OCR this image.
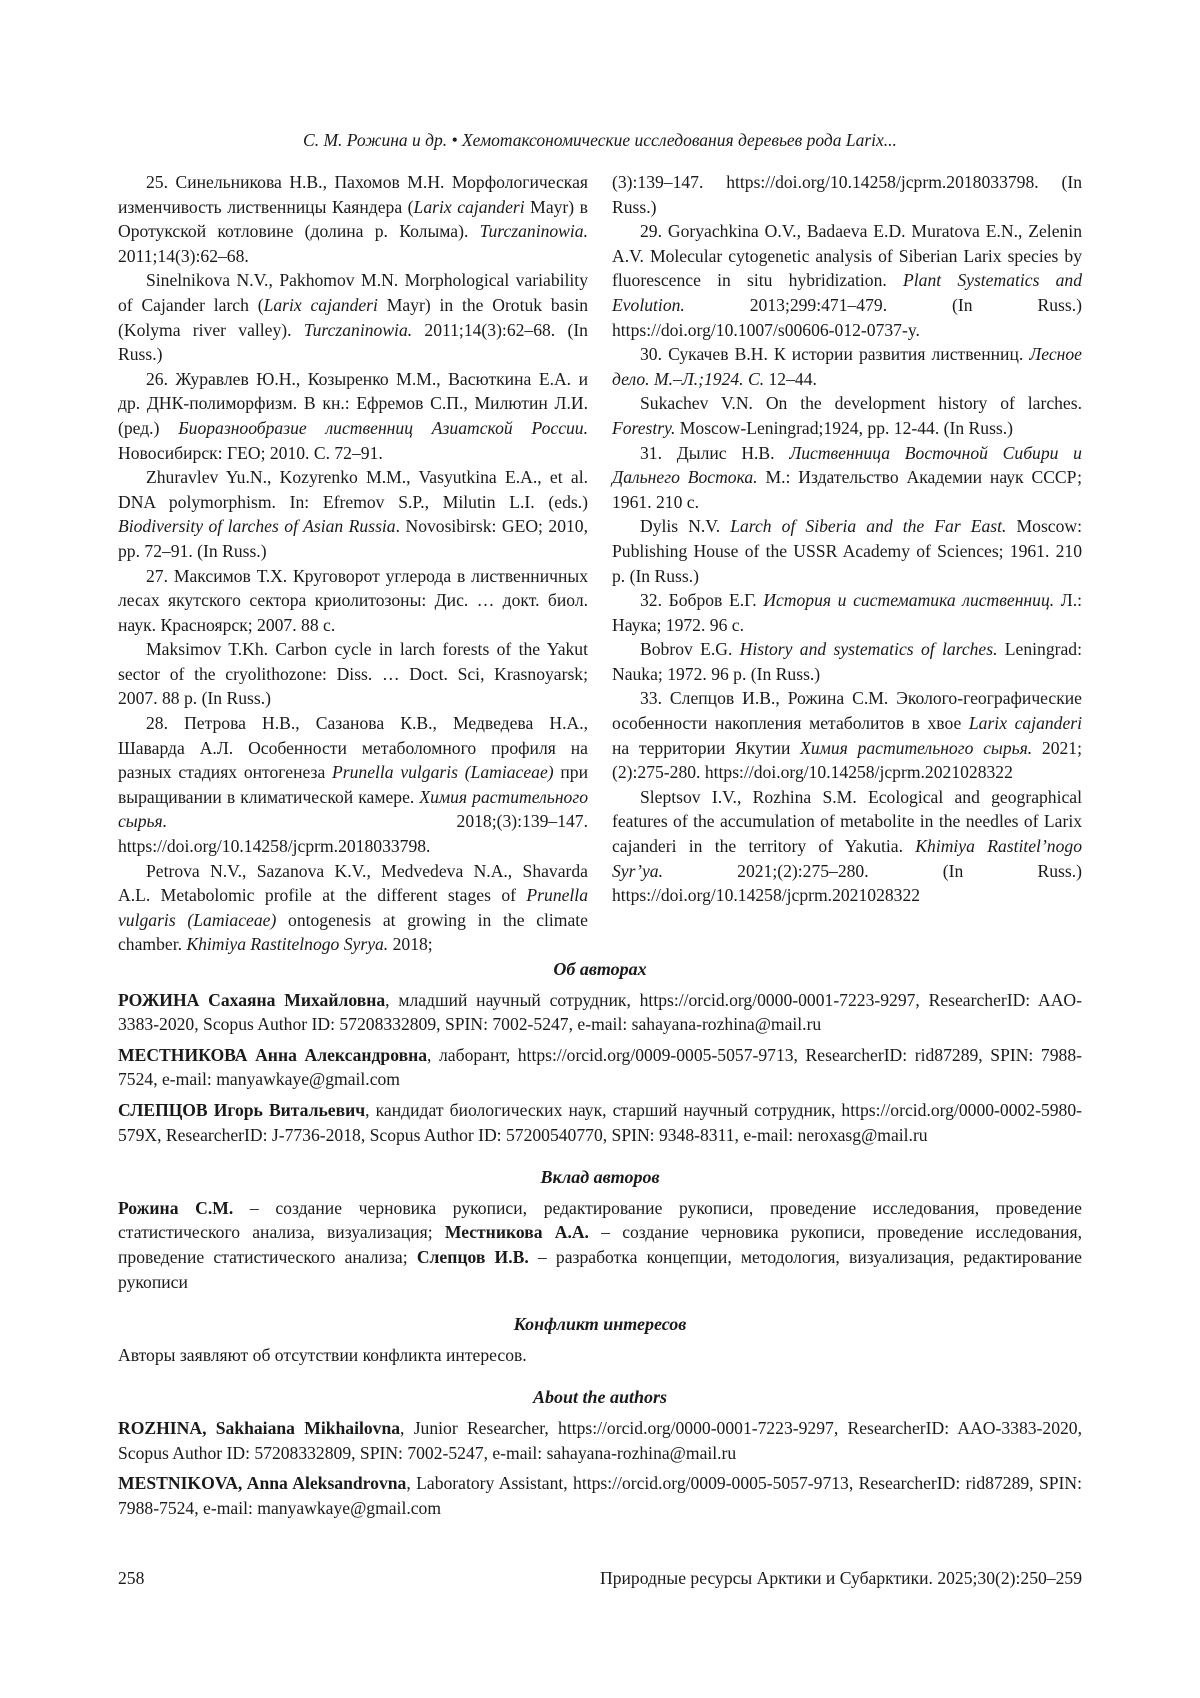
С. М. Рожина и др. • Хемотаксономические исследования деревьев рода Larix...

25. Синельникова Н.В., Пахомов М.Н. Морфологическая изменчивость лиственницы Каяндера (Larix cajanderi Mayr) в Оротукской котловине (долина р. Колыма). Turczaninowia. 2011;14(3):62–68.

Sinelnikova N.V., Pakhomov M.N. Morphological variability of Cajander larch (Larix cajanderi Mayr) in the Orotuk basin (Kolyma river valley). Turczaninowia. 2011;14(3):62–68. (In Russ.)

26. Журавлев Ю.Н., Козыренко М.М., Васюткина Е.А. и др. ДНК-полиморфизм. В кн.: Ефремов С.П., Милютин Л.И. (ред.) Биоразнообразие лиственниц Азиатской России. Новосибирск: ГЕО; 2010. С. 72–91.

Zhuravlev Yu.N., Kozyrenko M.M., Vasyutkina E.A., et al. DNA polymorphism. In: Efremov S.P., Milutin L.I. (eds.) Biodiversity of larches of Asian Russia. Novosibirsk: GEO; 2010, pp. 72–91. (In Russ.)

27. Максимов Т.Х. Круговорот углерода в лиственничных лесах якутского сектора криолитозоны: Дис. … докт. биол. наук. Красноярск; 2007. 88 с.

Maksimov T.Kh. Carbon cycle in larch forests of the Yakut sector of the cryolithozone: Diss. … Doct. Sci, Krasnoyarsk; 2007. 88 p. (In Russ.)

28. Петрова Н.В., Сазанова К.В., Медведева Н.А., Шаварда А.Л. Особенности метаболомного профиля на разных стадиях онтогенеза Prunella vulgaris (Lamiaceae) при выращивании в климатической камере. Химия растительного сырья. 2018;(3):139–147. https://doi.org/10.14258/jcprm.2018033798.

Petrova N.V., Sazanova K.V., Medvedeva N.A., Shavarda A.L. Metabolomic profile at the different stages of Prunella vulgaris (Lamiaceae) ontogenesis at growing in the climate chamber. Khimiya Rastitelnogo Syrya. 2018;

(3):139–147. https://doi.org/10.14258/jcprm.2018033798. (In Russ.)

29. Goryachkina O.V., Badaeva E.D. Muratova E.N., Zelenin A.V. Molecular cytogenetic analysis of Siberian Larix species by fluorescence in situ hybridization. Plant Systematics and Evolution. 2013;299:471–479. (In Russ.) https://doi.org/10.1007/s00606-012-0737-y.

30. Сукачев В.Н. К истории развития лиственниц. Лесное дело. М.–Л.;1924. С. 12–44.

Sukachev V.N. On the development history of larches. Forestry. Moscow-Leningrad;1924, pp. 12-44. (In Russ.)

31. Дылис Н.В. Лиственница Восточной Сибири и Дальнего Востока. М.: Издательство Академии наук СССР; 1961. 210 с.

Dylis N.V. Larch of Siberia and the Far East. Moscow: Publishing House of the USSR Academy of Sciences; 1961. 210 p. (In Russ.)

32. Бобров Е.Г. История и систематика лиственниц. Л.: Наука; 1972. 96 с.

Bobrov E.G. History and systematics of larches. Leningrad: Nauka; 1972. 96 p. (In Russ.)

33. Слепцов И.В., Рожина С.М. Эколого-географические особенности накопления метаболитов в хвое Larix cajanderi на территории Якутии Химия растительного сырья. 2021;(2):275-280. https://doi.org/10.14258/jcprm.2021028322

Sleptsov I.V., Rozhina S.M. Ecological and geographical features of the accumulation of metabolite in the needles of Larix cajanderi in the territory of Yakutia. Khimiya Rastitel’nogo Syr’ya. 2021;(2):275–280. (In Russ.) https://doi.org/10.14258/jcprm.2021028322

Об авторах

РОЖИНА Сахаяна Михайловна, младший научный сотрудник, https://orcid.org/0000-0001-7223-9297, ResearcherID: AAO-3383-2020, Scopus Author ID: 57208332809, SPIN: 7002-5247, e-mail: sahayana-rozhina@mail.ru

МЕСТНИКОВА Анна Александровна, лаборант, https://orcid.org/0009-0005-5057-9713, ResearcherID: rid87289, SPIN: 7988-7524, e-mail: manyawkaye@gmail.com

СЛЕПЦОВ Игорь Витальевич, кандидат биологических наук, старший научный сотрудник, https://orcid.org/0000-0002-5980-579X, ResearcherID: J-7736-2018, Scopus Author ID: 57200540770, SPIN: 9348-8311, e-mail: neroxasg@mail.ru

Вклад авторов

Рожина С.М. – создание черновика рукописи, редактирование рукописи, проведение исследования, проведение статистического анализа, визуализация; Местникова А.А. – создание черновика рукописи, проведение исследования, проведение статистического анализа; Слепцов И.В. – разработка концепции, методология, визуализация, редактирование рукописи

Конфликт интересов

Авторы заявляют об отсутствии конфликта интересов.

About the authors

ROZHINA, Sakhaiana Mikhailovna, Junior Researcher, https://orcid.org/0000-0001-7223-9297, ResearcherID: AAO-3383-2020, Scopus Author ID: 57208332809, SPIN: 7002-5247, e-mail: sahayana-rozhina@mail.ru

MESTNIKOVA, Anna Aleksandrovna, Laboratory Assistant, https://orcid.org/0009-0005-5057-9713, ResearcherID: rid87289, SPIN: 7988-7524, e-mail: manyawkaye@gmail.com

258	Природные ресурсы Арктики и Субарктики. 2025;30(2):250–259
